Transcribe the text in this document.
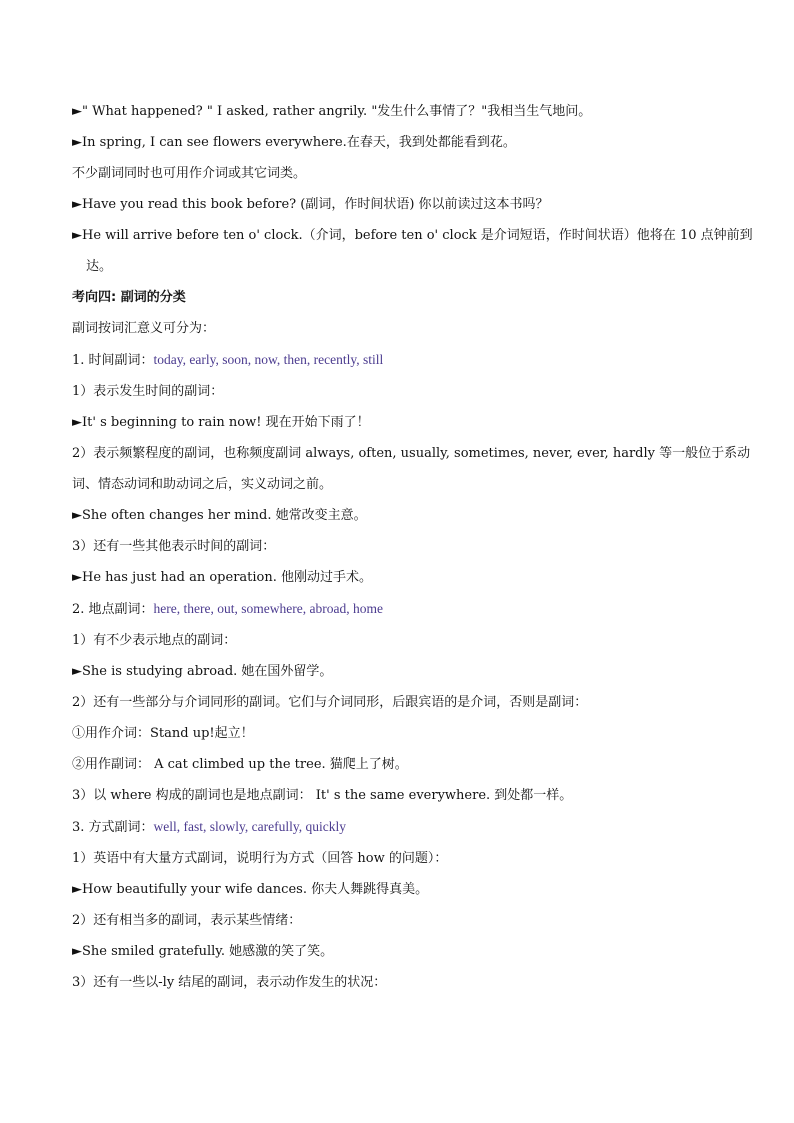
►" What happened? " I asked, rather angrily. "发生什么事情了？"我相当生气地问。
►In spring, I can see flowers everywhere.在春天，我到处都能看到花。
不少副词同时也可用作介词或其它词类。
►Have you read this book before? (副词，作时间状语) 你以前读过这本书吗？
►He will arrive before ten o' clock.（介词，before ten o' clock 是介词短语，作时间状语）他将在 10 点钟前到
达。
考向四: 副词的分类
副词按词汇意义可分为：
1. 时间副词：today, early, soon, now, then, recently, still
1）表示发生时间的副词：
►It' s beginning to rain now! 现在开始下雨了！
2）表示频繁程度的副词，也称频度副词 always, often, usually, sometimes, never, ever, hardly 等一般位于系动
词、情态动词和助动词之后，实义动词之前。
►She often changes her mind. 她常改变主意。
3）还有一些其他表示时间的副词：
►He has just had an operation. 他刚动过手术。
2. 地点副词：here, there, out, somewhere, abroad, home
1）有不少表示地点的副词：
►She is studying abroad. 她在国外留学。
2）还有一些部分与介词同形的副词。它们与介词同形，后跟宾语的是介词，否则是副词：
①用作介词：Stand up!起立！
②用作副词： A cat climbed up the tree. 猫爬上了树。
3）以 where 构成的副词也是地点副词： It' s the same everywhere. 到处都一样。
3. 方式副词：well, fast, slowly, carefully, quickly
1）英语中有大量方式副词，说明行为方式（回答 how 的问题）：
►How beautifully your wife dances. 你夫人舞跳得真美。
2）还有相当多的副词，表示某些情绪：
►She smiled gratefully. 她感激的笑了笑。
3）还有一些以-ly 结尾的副词，表示动作发生的状况：
